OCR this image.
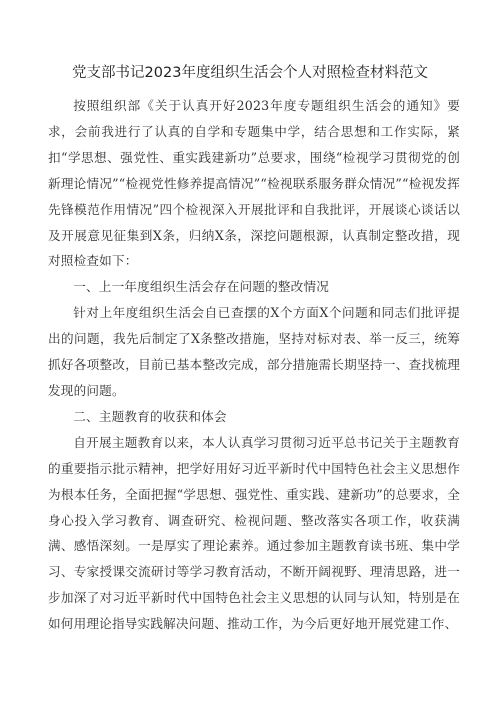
党支部书记2023年度组织生活会个人对照检查材料范文

按照组织部《关于认真开好2023年度专题组织生活会的通知》要求，会前我进行了认真的自学和专题集中学，结合思想和工作实际，紧扣“学思想、强党性、重实践建新功”总要求，围绕“检视学习贯彻党的创新理论情况”“检视党性修养提高情况”“检视联系服务群众情况”“检视发挥先锋模范作用情况”四个检视深入开展批评和自我批评，开展谈心谈话以及开展意见征集到X条，归纳X条，深挖问题根源，认真制定整改措，现对照检查如下：

一、上一年度组织生活会存在问题的整改情况

针对上年度组织生活会自已查摆的X个方面X个问题和同志们批评提出的问题，我先后制定了X条整改措施，坚持对标对表、举一反三，统筹抓好各项整改，目前已基本整改完成，部分措施需长期坚持一、查找梳理发现的问题。

二、主题教育的收获和体会

自开展主题教育以来，本人认真学习贯彻习近平总书记关于主题教育的重要指示批示精神，把学好用好习近平新时代中国特色社会主义思想作为根本任务，全面把握“学思想、强党性、重实践、建新功”的总要求，全身心投入学习教育、调查研究、检视问题、整改落实各项工作，收获满满、感悟深刻。一是厚实了理论素养。通过参加主题教育读书班、集中学习、专家授课交流研讨等学习教育活动，不断开阔视野、理清思路，进一步加深了对习近平新时代中国特色社会主义思想的认同与认知，特别是在如何用理论指导实践解决问题、推动工作，为今后更好地开展党建工作、
